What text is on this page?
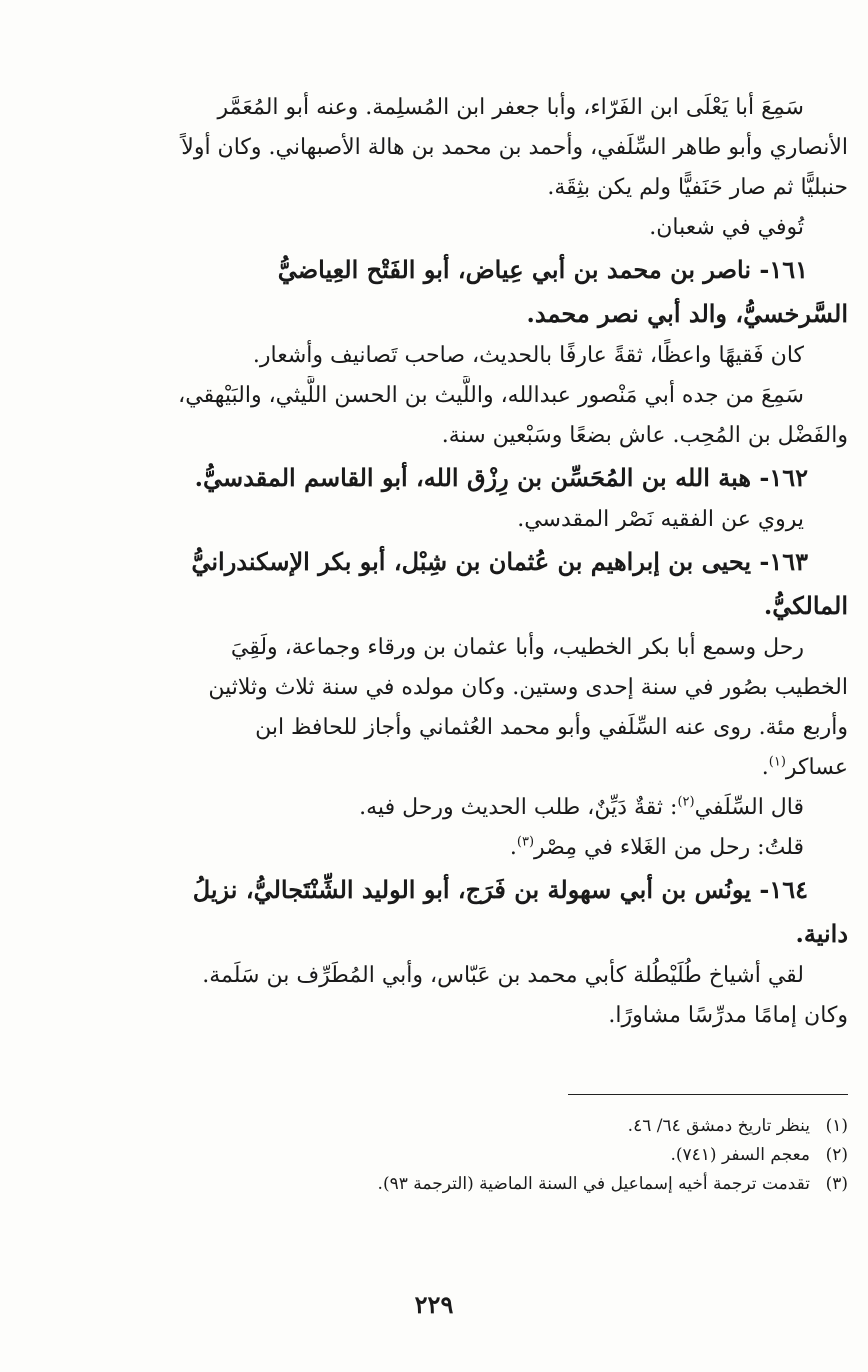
سَمِعَ أبا يَعْلَى ابن الفَرّاء، وأبا جعفر ابن المُسلِمة. وعنه أبو المُعَمَّر

الأنصاري وأبو طاهر السِّلَفي، وأحمد بن محمد بن هالة الأصبهاني. وكان أولاً

حنبليًّا ثم صار حَنَفيًّا ولم يكن بثِقَة.

تُوفي في شعبان.

١٦١- ناصر بن محمد بن أبي عِياض، أبو الفَتْح العِياضيُّ

السَّرخسيُّ، والد أبي نصر محمد.

كان فَقيهًا واعظًا، ثقةً عارفًا بالحديث، صاحب تَصانيف وأشعار.

سَمِعَ من جده أبي مَنْصور عبدالله، واللَّيث بن الحسن اللَّيثي، والبَيْهقي،

والفَضْل بن المُحِب. عاش بضعًا وسَبْعين سنة.

١٦٢- هبة الله بن المُحَسِّن بن رِزْق الله، أبو القاسم المقدسيُّ.

يروي عن الفقيه نَصْر المقدسي.

١٦٣- يحيى بن إبراهيم بن عُثمان بن شِبْل، أبو بكر الإسكندرانيُّ

المالكيُّ.

رحل وسمع أبا بكر الخطيب، وأبا عثمان بن ورقاء وجماعة، ولَقِيَ

الخطيب بصُور في سنة إحدى وستين. وكان مولده في سنة ثلاث وثلاثين

وأربع مئة. روى عنه السِّلَفي وأبو محمد العُثماني وأجاز للحافظ ابن

عساكر$^{(١)}$.

قال السِّلَفي$^{(٢)}$: ثقةٌ دَيِّنٌ، طلب الحديث ورحل فيه.

قلتُ: رحل من الغَلاء في مِصْر$^{(٣)}$.

١٦٤- يونُس بن أبي سهولة بن فَرَج، أبو الوليد الشِّنْتَجاليُّ، نزيلُ

دانية.

لقي أشياخ طُلَيْطُلة كأبي محمد بن عَبّاس، وأبي المُطَرِّف بن سَلَمة.

وكان إمامًا مدرِّسًا مشاورًا.

(١)ينظر تاريخ دمشق ٦٤/ ٤٦.

(٢)معجم السفر (٧٤١).

(٣)تقدمت ترجمة أخيه إسماعيل في السنة الماضية (الترجمة ٩٣).

٢٢٩
